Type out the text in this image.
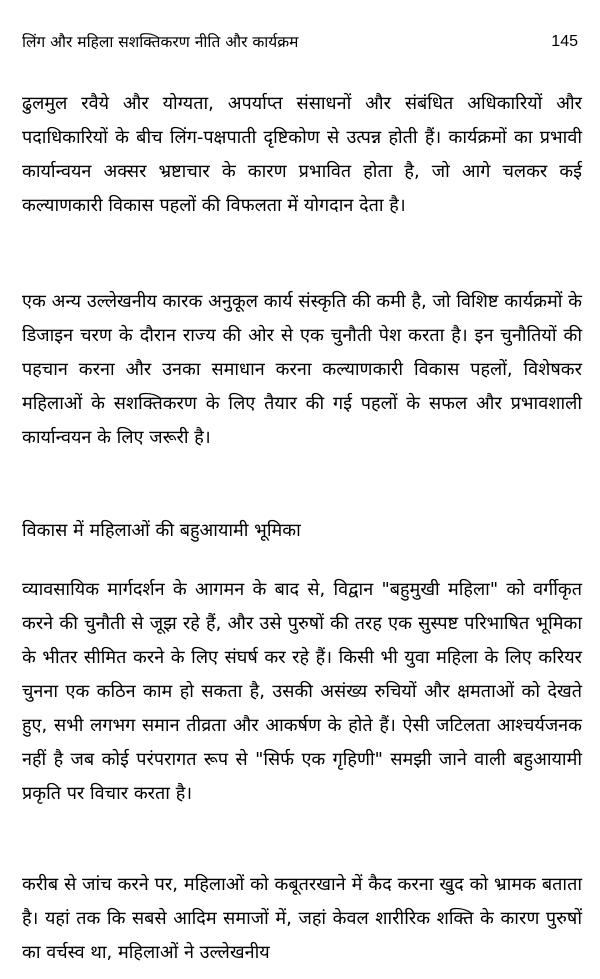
लिंग और महिला सशक्तिकरण नीति और कार्यक्रम	145

ढुलमुल रवैये और योग्यता, अपर्याप्त संसाधनों और संबंधित अधिकारियों और पदाधिकारियों के बीच लिंग-पक्षपाती दृष्टिकोण से उत्पन्न होती हैं। कार्यक्रमों का प्रभावी कार्यान्वयन अक्सर भ्रष्टाचार के कारण प्रभावित होता है, जो आगे चलकर कई कल्याणकारी विकास पहलों की विफलता में योगदान देता है।

एक अन्य उल्लेखनीय कारक अनुकूल कार्य संस्कृति की कमी है, जो विशिष्ट कार्यक्रमों के डिजाइन चरण के दौरान राज्य की ओर से एक चुनौती पेश करता है। इन चुनौतियों की पहचान करना और उनका समाधान करना कल्याणकारी विकास पहलों, विशेषकर महिलाओं के सशक्तिकरण के लिए तैयार की गई पहलों के सफल और प्रभावशाली कार्यान्वयन के लिए जरूरी है।

विकास में महिलाओं की बहुआयामी भूमिका

व्यावसायिक मार्गदर्शन के आगमन के बाद से, विद्वान "बहुमुखी महिला" को वर्गीकृत करने की चुनौती से जूझ रहे हैं, और उसे पुरुषों की तरह एक सुस्पष्ट परिभाषित भूमिका के भीतर सीमित करने के लिए संघर्ष कर रहे हैं। किसी भी युवा महिला के लिए करियर चुनना एक कठिन काम हो सकता है, उसकी असंख्य रुचियों और क्षमताओं को देखते हुए, सभी लगभग समान तीव्रता और आकर्षण के होते हैं। ऐसी जटिलता आश्चर्यजनक नहीं है जब कोई परंपरागत रूप से "सिर्फ एक गृहिणी" समझी जाने वाली बहुआयामी प्रकृति पर विचार करता है।

करीब से जांच करने पर, महिलाओं को कबूतरखाने में कैद करना खुद को भ्रामक बताता है। यहां तक कि सबसे आदिम समाजों में, जहां केवल शारीरिक शक्ति के कारण पुरुषों का वर्चस्व था, महिलाओं ने उल्लेखनीय
